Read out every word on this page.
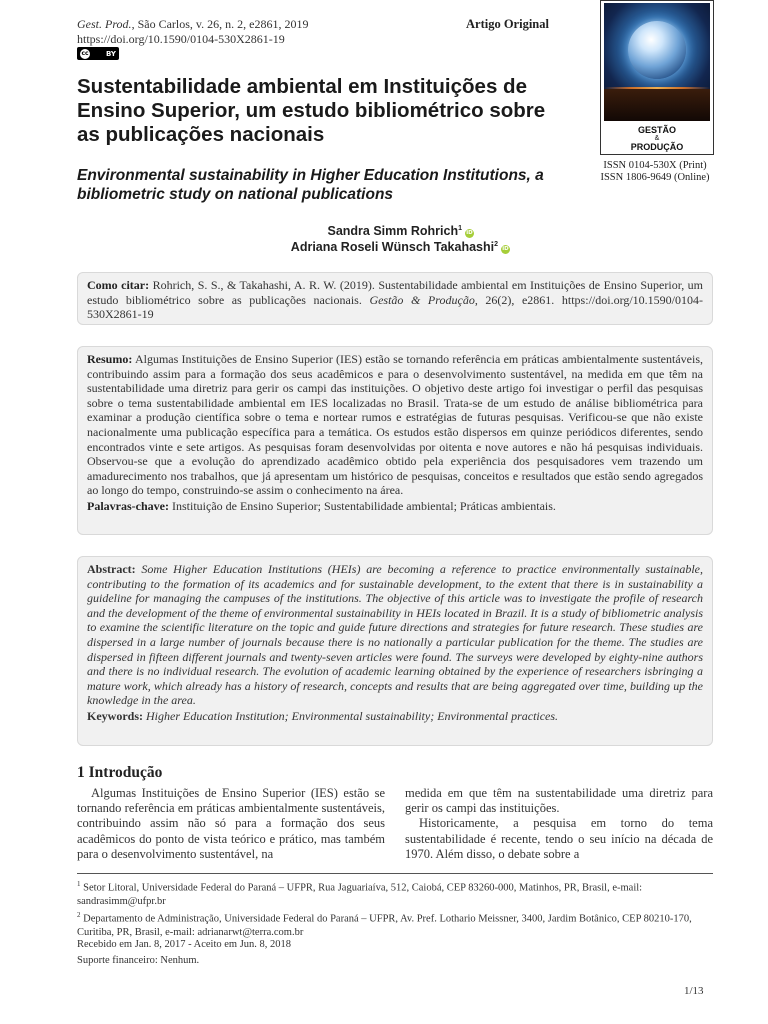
Gest. Prod., São Carlos, v. 26, n. 2, e2861, 2019
https://doi.org/10.1590/0104-530X2861-19
cc BY
Artigo Original
GESTÃO
&
PRODUÇÃO
ISSN 0104-530X (Print)
ISSN 1806-9649 (Online)
Sustentabilidade ambiental em Instituições de Ensino Superior, um estudo bibliométrico sobre as publicações nacionais
Environmental sustainability in Higher Education Institutions, a bibliometric study on national publications
Sandra Simm Rohrich$^1$iD
Adriana Roseli Wünsch Takahashi$^2$iD
Como citar: Rohrich, S. S., & Takahashi, A. R. W. (2019). Sustentabilidade ambiental em Instituições de Ensino Superior, um estudo bibliométrico sobre as publicações nacionais. Gestão & Produção, 26(2), e2861. https://doi.org/10.1590/0104-530X2861-19
Resumo: Algumas Instituições de Ensino Superior (IES) estão se tornando referência em práticas ambientalmente sustentáveis, contribuindo assim para a formação dos seus acadêmicos e para o desenvolvimento sustentável, na medida em que têm na sustentabilidade uma diretriz para gerir os campi das instituições. O objetivo deste artigo foi investigar o perfil das pesquisas sobre o tema sustentabilidade ambiental em IES localizadas no Brasil. Trata-se de um estudo de análise bibliométrica para examinar a produção científica sobre o tema e nortear rumos e estratégias de futuras pesquisas. Verificou-se que não existe nacionalmente uma publicação específica para a temática. Os estudos estão dispersos em quinze periódicos diferentes, sendo encontrados vinte e sete artigos. As pesquisas foram desenvolvidas por oitenta e nove autores e não há pesquisas individuais. Observou-se que a evolução do aprendizado acadêmico obtido pela experiência dos pesquisadores vem trazendo um amadurecimento nos trabalhos, que já apresentam um histórico de pesquisas, conceitos e resultados que estão sendo agregados ao longo do tempo, construindo-se assim o conhecimento na área.
Palavras-chave: Instituição de Ensino Superior; Sustentabilidade ambiental; Práticas ambientais.
Abstract: Some Higher Education Institutions (HEIs) are becoming a reference to practice environmentally sustainable, contributing to the formation of its academics and for sustainable development, to the extent that there is in sustainability a guideline for managing the campuses of the institutions. The objective of this article was to investigate the profile of research and the development of the theme of environmental sustainability in HEIs located in Brazil. It is a study of bibliometric analysis to examine the scientific literature on the topic and guide future directions and strategies for future research. These studies are dispersed in a large number of journals because there is no nationally a particular publication for the theme. The studies are dispersed in fifteen different journals and twenty-seven articles were found. The surveys were developed by eighty-nine authors and there is no individual research. The evolution of academic learning obtained by the experience of researchers isbringing a mature work, which already has a history of research, concepts and results that are being aggregated over time, building up the knowledge in the area.
Keywords: Higher Education Institution; Environmental sustainability; Environmental practices.
1 Introdução

Algumas Instituições de Ensino Superior (IES) estão se tornando referência em práticas ambientalmente sustentáveis, contribuindo assim não só para a formação dos seus acadêmicos do ponto de vista teórico e prático, mas também para o desenvolvimento sustentável, na

medida em que têm na sustentabilidade uma diretriz para gerir os campi das instituições.

Historicamente, a pesquisa em torno do tema sustentabilidade é recente, tendo o seu início na década de 1970. Além disso, o debate sobre a

$^1$ Setor Litoral, Universidade Federal do Paraná – UFPR, Rua Jaguariaíva, 512, Caiobá, CEP 83260-000, Matinhos, PR, Brasil, e-mail: sandrasimm@ufpr.br
$^2$ Departamento de Administração, Universidade Federal do Paraná – UFPR, Av. Pref. Lothario Meissner, 3400, Jardim Botânico, CEP 80210-170, Curitiba, PR, Brasil, e-mail: adrianarwt@terra.com.br
Recebido em Jan. 8, 2017 - Aceito em Jun. 8, 2018
Suporte financeiro: Nenhum.
1/13
